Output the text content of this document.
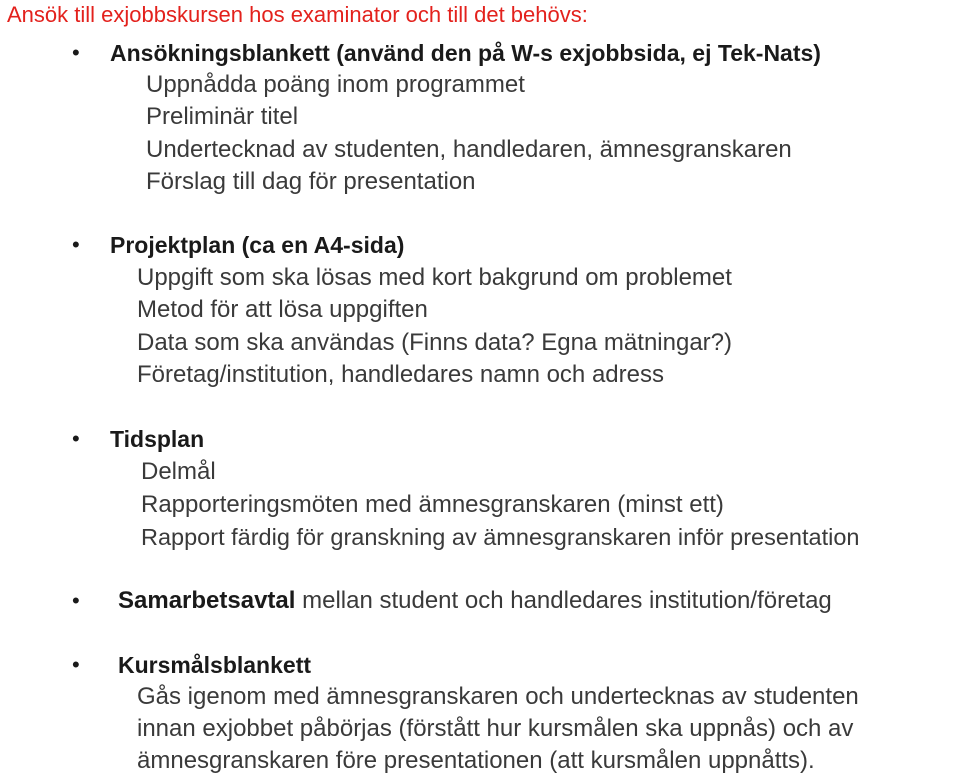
Ansök till exjobbskursen hos examinator och till det behövs:
• Ansökningsblankett (använd den på W-s exjobbsida, ej Tek-Nats)
Uppnådda poäng inom programmet
Preliminär titel
Undertecknad av studenten, handledaren, ämnesgranskaren
Förslag till dag för presentation
• Projektplan (ca en A4-sida)
Uppgift som ska lösas med kort bakgrund om problemet
Metod för att lösa uppgiften
Data som ska användas (Finns data? Egna mätningar?)
Företag/institution, handledares namn och adress
• Tidsplan
Delmål
Rapporteringsmöten med ämnesgranskaren (minst ett)
Rapport färdig för granskning av ämnesgranskaren inför presentation
• Samarbetsavtal mellan student och handledares institution/företag
• Kursmålsblankett
Gås igenom med ämnesgranskaren och undertecknas av studenten
innan exjobbet påbörjas (förstått hur kursmålen ska uppnås) och av
ämnesgranskaren före presentationen (att kursmålen uppnåtts).
